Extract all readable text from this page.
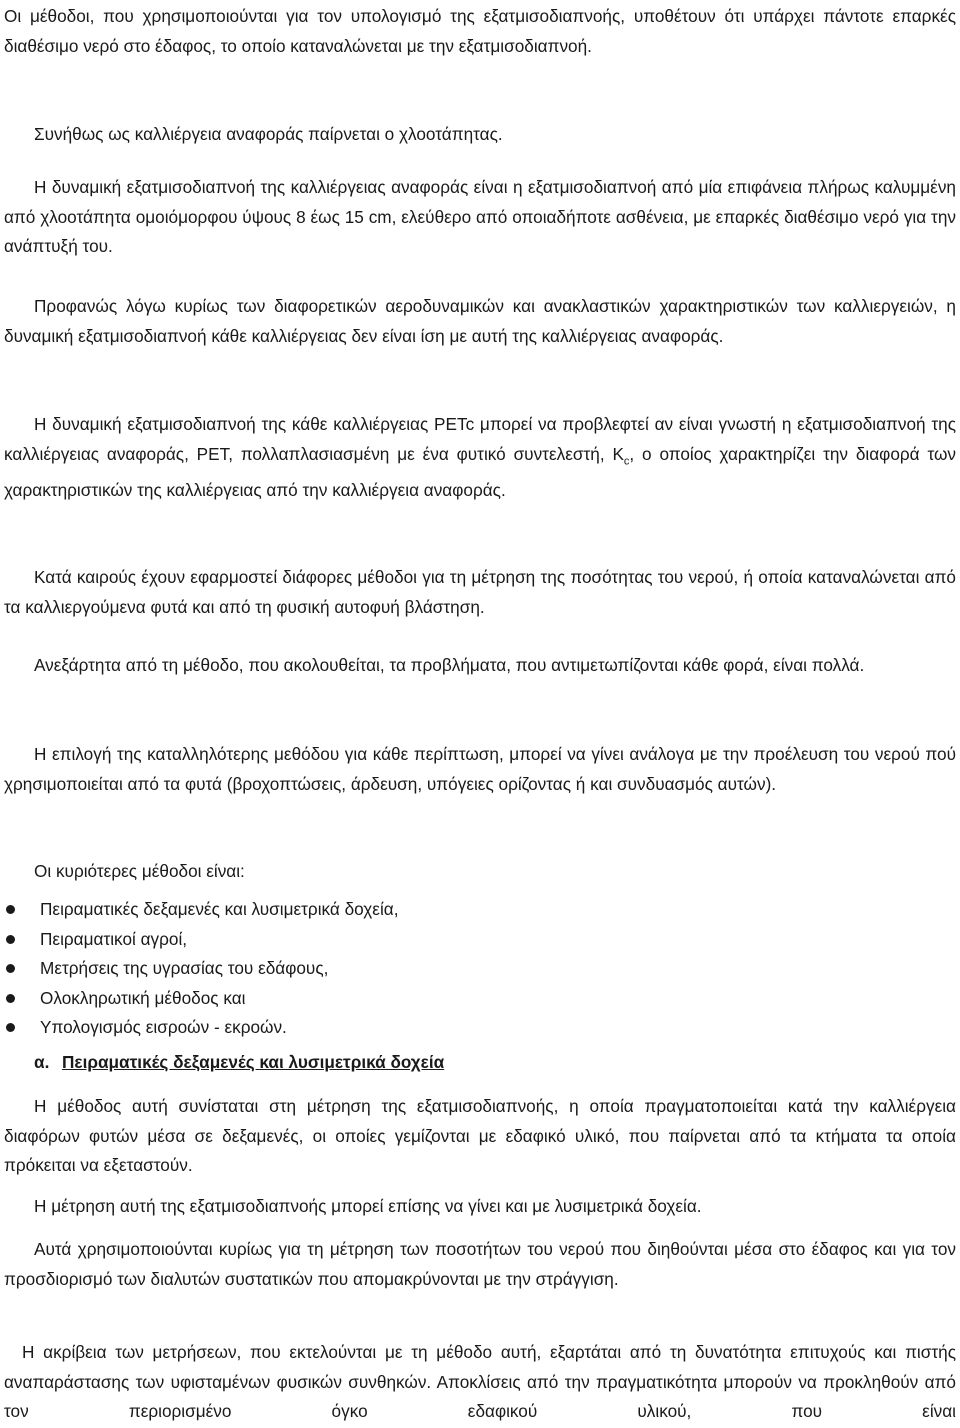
Οι μέθοδοι, που χρησιμοποιούνται για τον υπολογισμό της εξατμισοδιαπνοής, υποθέτουν ότι υπάρχει πάντοτε επαρκές διαθέσιμο νερό στο έδαφος, το οποίο καταναλώνεται με την εξατμισοδιαπνοή.

Συνήθως ως καλλιέργεια αναφοράς παίρνεται ο χλοοτάπητας.

Η δυναμική εξατμισοδιαπνοή της καλλιέργειας αναφοράς είναι η εξατμισοδιαπνοή από μία επιφάνεια πλήρως καλυμμένη από χλοοτάπητα ομοιόμορφου ύψους 8 έως 15 cm, ελεύθερο από οποιαδήποτε ασθένεια, με επαρκές διαθέσιμο νερό για την ανάπτυξή του.

Προφανώς λόγω κυρίως των διαφορετικών αεροδυναμικών και ανακλαστικών χαρακτηριστικών των καλλιεργειών, η δυναμική εξατμισοδιαπνοή κάθε καλλιέργειας δεν είναι ίση με αυτή της καλλιέργειας αναφοράς.

Η δυναμική εξατμισοδιαπνοή της κάθε καλλιέργειας PETc μπορεί να προβλεφτεί αν είναι γνωστή η εξατμισοδιαπνοή της καλλιέργειας αναφοράς, PET, πολλαπλασιασμένη με ένα φυτικό συντελεστή, $K_c$, ο οποίος χαρακτηρίζει την διαφορά των χαρακτηριστικών της καλλιέργειας από την καλλιέργεια αναφοράς.

Κατά καιρούς έχουν εφαρμοστεί διάφορες μέθοδοι για τη μέτρηση της ποσότητας του νερού, ή οποία καταναλώνεται από τα καλλιεργούμενα φυτά και από τη φυσική αυτοφυή βλάστηση.

Ανεξάρτητα από τη μέθοδο, που ακολουθείται, τα προβλήματα, που αντιμετωπίζονται κάθε φορά, είναι πολλά.

Η επιλογή της καταλληλότερης μεθόδου για κάθε περίπτωση, μπορεί να γίνει ανάλογα με την προέλευση του νερού πού χρησιμοποιείται από τα φυτά (βροχοπτώσεις, άρδευση, υπόγειες ορίζοντας ή και συνδυασμός αυτών).

Οι κυριότερες μέθοδοι είναι:

Πειραματικές δεξαμενές και λυσιμετρικά δοχεία,
Πειραματικοί αγροί,
Μετρήσεις της υγρασίας του εδάφους,
Ολοκληρωτική μέθοδος και
Υπολογισμός εισροών - εκροών.

α. Πειραματικές δεξαμενές και λυσιμετρικά δοχεία

Η μέθοδος αυτή συνίσταται στη μέτρηση της εξατμισοδιαπνοής, η οποία πραγματοποιείται κατά την καλλιέργεια διαφόρων φυτών μέσα σε δεξαμενές, οι οποίες γεμίζονται με εδαφικό υλικό, που παίρνεται από τα κτήματα τα οποία πρόκειται να εξεταστούν.

Η μέτρηση αυτή της εξατμισοδιαπνοής μπορεί επίσης να γίνει και με λυσιμετρικά δοχεία.

Αυτά χρησιμοποιούνται κυρίως για τη μέτρηση των ποσοτήτων του νερού που διηθούνται μέσα στο έδαφος και για τον προσδιορισμό των διαλυτών συστατικών που απομακρύνονται με την στράγγιση.

Η ακρίβεια των μετρήσεων, που εκτελούνται με τη μέθοδο αυτή, εξαρτάται από τη δυνατότητα επιτυχούς και πιστής αναπαράστασης των υφισταμένων φυσικών συνθηκών. Αποκλίσεις από την πραγματικότητα μπορούν να προκληθούν από τον περιορισμένο όγκο εδαφικού υλικού, που είναι
